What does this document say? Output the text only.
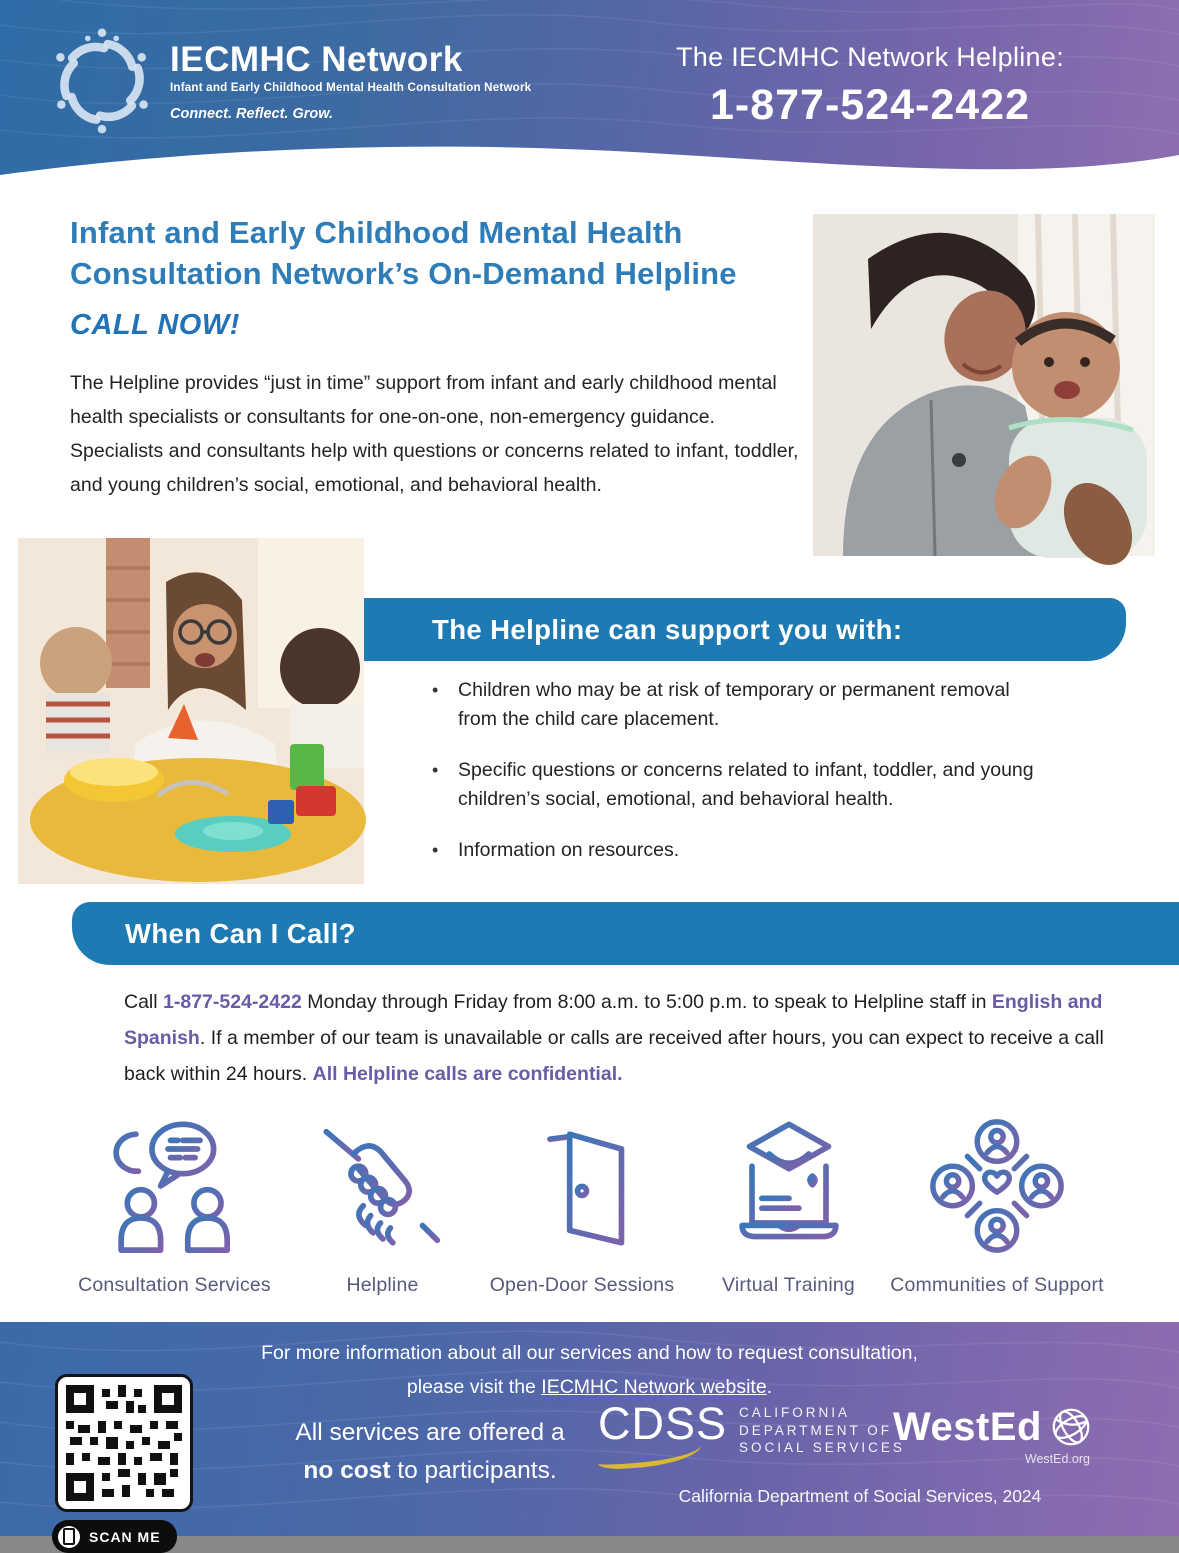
IECMHC Network
Infant and Early Childhood Mental Health Consultation Network
Connect. Reflect. Grow.
The IECMHC Network Helpline:
1-877-524-2422
Infant and Early Childhood Mental Health Consultation Network’s On-Demand Helpline
CALL NOW!
The Helpline provides “just in time” support from infant and early childhood mental health specialists or consultants for one-on-one, non-emergency guidance. Specialists and consultants help with questions or concerns related to infant, toddler, and young children’s social, emotional, and behavioral health.
The Helpline can support you with:
•	Children who may be at risk of temporary or permanent removal from the child care placement.
•	Specific questions or concerns related to infant, toddler, and young children’s social, emotional, and behavioral health.
•	Information on resources.
When Can I Call?
Call 1-877-524-2422 Monday through Friday from 8:00 a.m. to 5:00 p.m. to speak to Helpline staff in English and Spanish. If a member of our team is unavailable or calls are received after hours, you can expect to receive a call back within 24 hours. All Helpline calls are confidential.
Consultation Services	Helpline	Open-Door Sessions	Virtual Training	Communities of Support
For more information about all our services and how to request consultation,
please visit the IECMHC Network website.
SCAN ME
All services are offered a
no cost to participants.
CDSS CALIFORNIA
DEPARTMENT OF
SOCIAL SERVICES
WestEd
WestEd.org
California Department of Social Services, 2024
